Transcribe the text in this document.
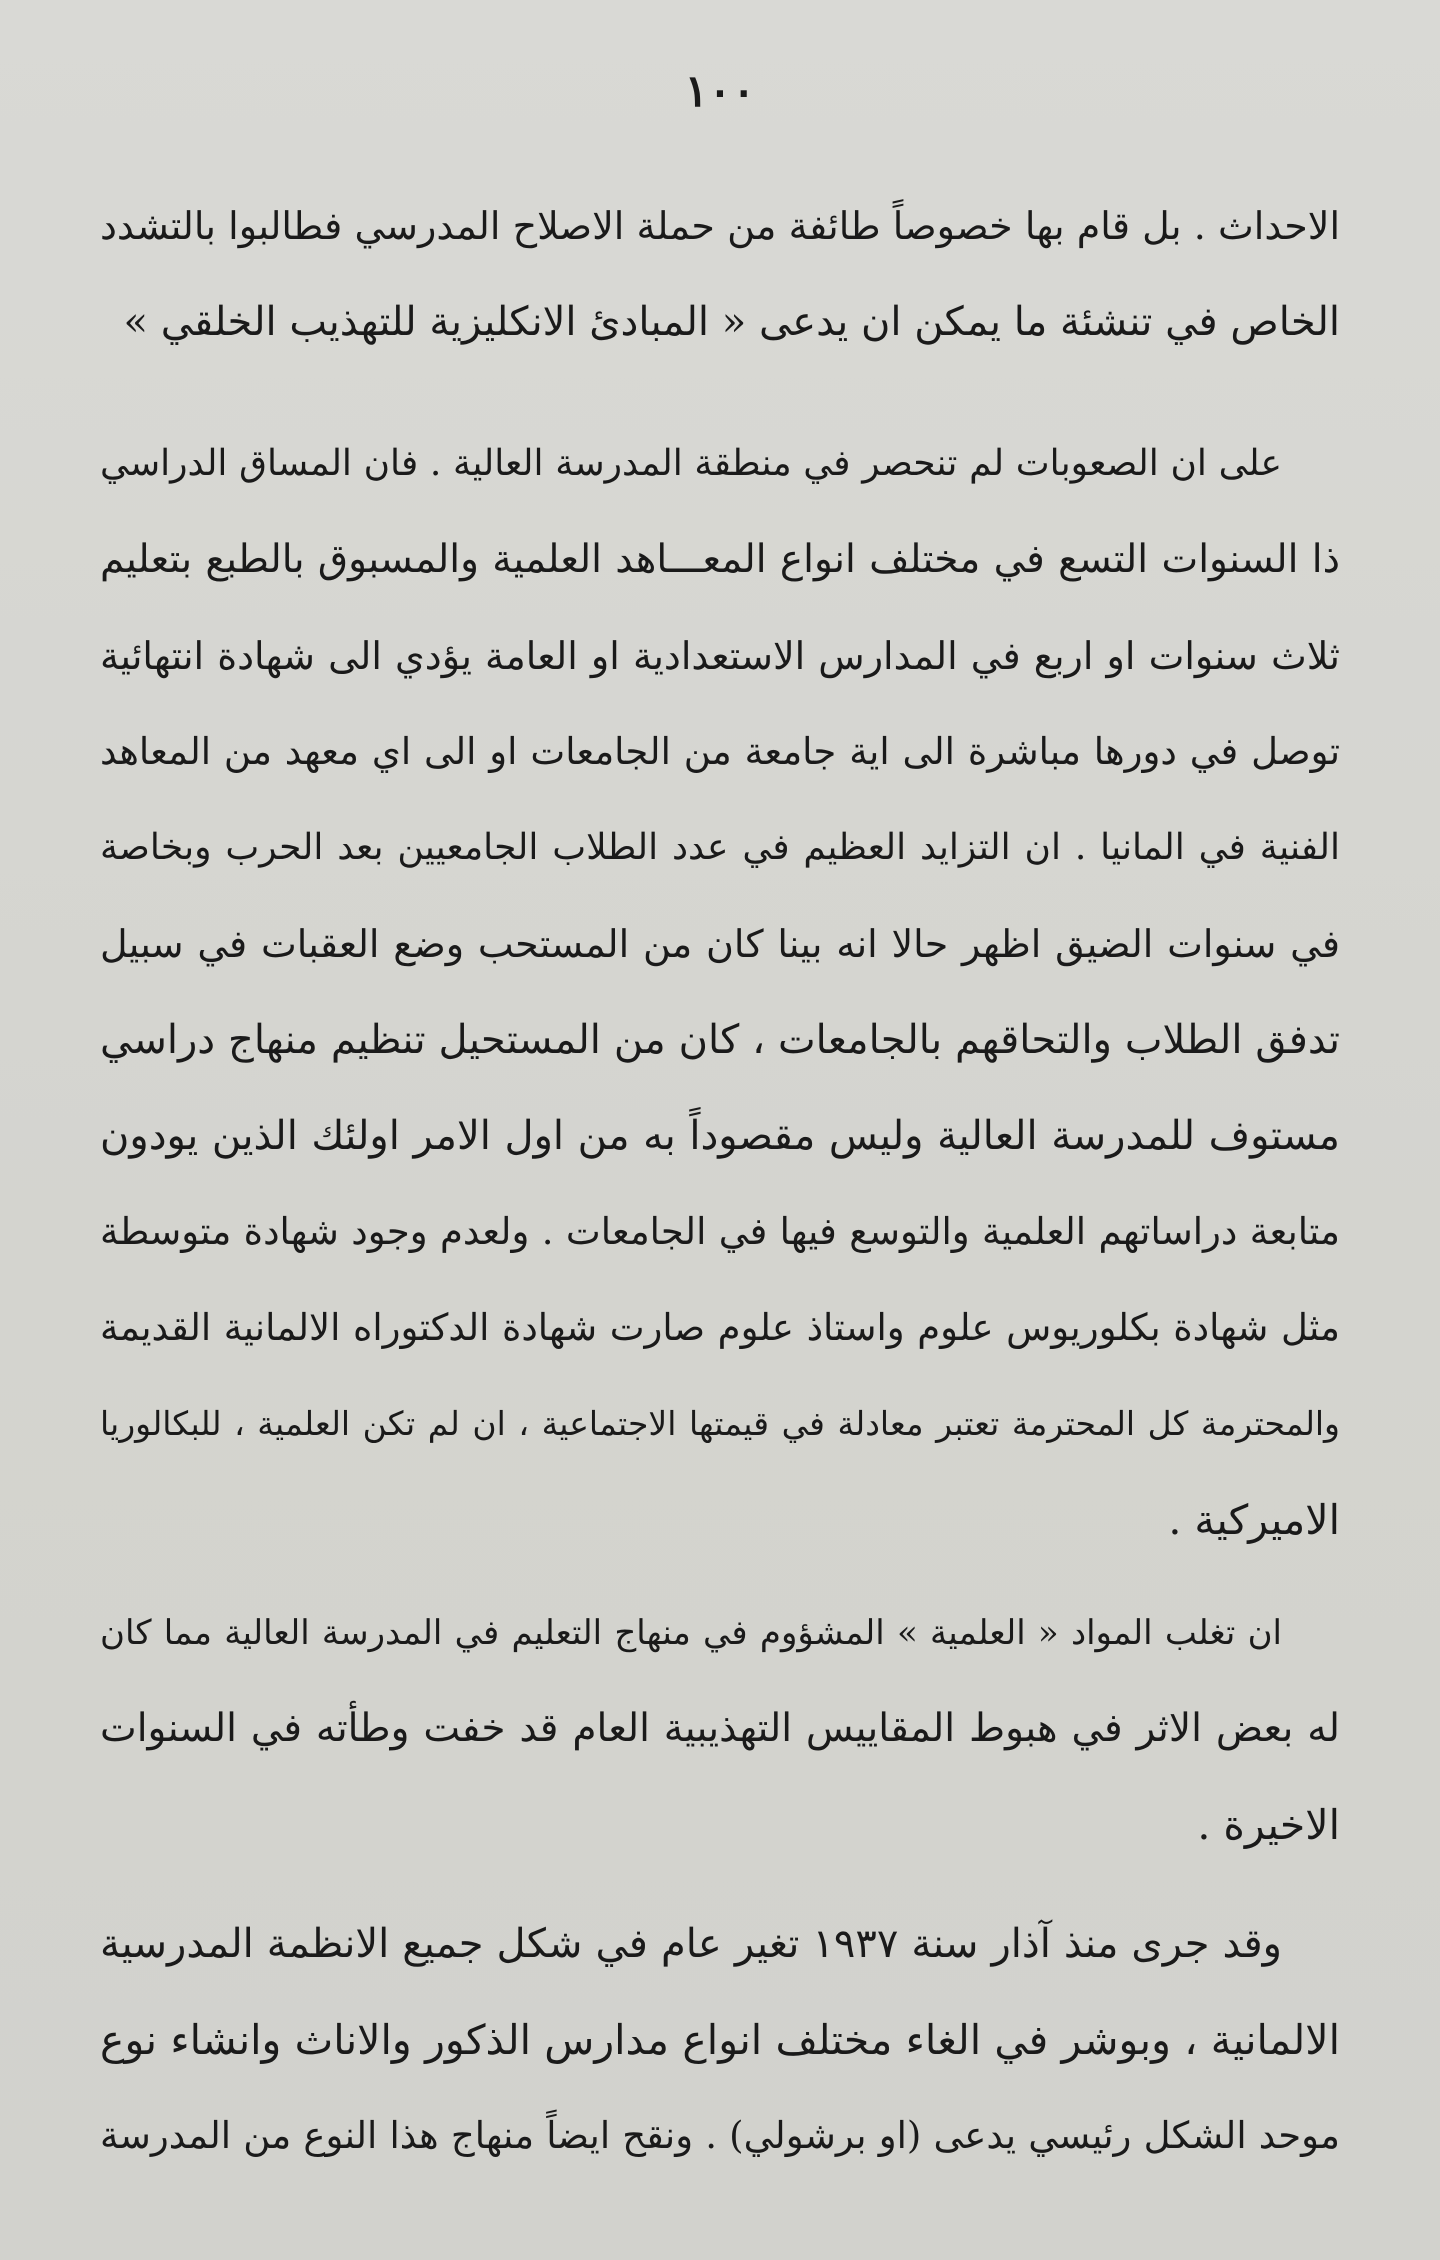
١٠٠
الاحداث . بل قام بها خصوصاً طائفة من حملة الاصلاح المدرسي فطالبوا بالتشدد
الخاص في تنشئة ما يمكن ان يدعى « المبادئ الانكليزية للتهذيب الخلقي »
على ان الصعوبات لم تنحصر في منطقة المدرسة العالية . فان المساق الدراسي
ذا السنوات التسع في مختلف انواع المعـــاهد العلمية والمسبوق بالطبع بتعليم
ثلاث سنوات او اربع في المدارس الاستعدادية او العامة يؤدي الى شهادة انتهائية
توصل في دورها مباشرة الى اية جامعة من الجامعات او الى اي معهد من المعاهد
الفنية في المانيا . ان التزايد العظيم في عدد الطلاب الجامعيين بعد الحرب وبخاصة
في سنوات الضيق اظهر حالا انه بينا كان من المستحب وضع العقبات في سبيل
تدفق الطلاب والتحاقهم بالجامعات ، كان من المستحيل تنظيم منهاج دراسي
مستوف للمدرسة العالية وليس مقصوداً به من اول الامر اولئك الذين يودون
متابعة دراساتهم العلمية والتوسع فيها في الجامعات . ولعدم وجود شهادة متوسطة
مثل شهادة بكلوريوس علوم واستاذ علوم صارت شهادة الدكتوراه الالمانية القديمة
والمحترمة كل المحترمة تعتبر معادلة في قيمتها الاجتماعية ، ان لم تكن العلمية ، للبكالوريا
الاميركية .
ان تغلب المواد « العلمية » المشؤوم في منهاج التعليم في المدرسة العالية مما كان
له بعض الاثر في هبوط المقاييس التهذيبية العام قد خفت وطأته في السنوات
الاخيرة .
وقد جرى منذ آذار سنة ١٩٣٧ تغير عام في شكل جميع الانظمة المدرسية
الالمانية ، وبوشر في الغاء مختلف انواع مدارس الذكور والاناث وانشاء نوع
موحد الشكل رئيسي يدعى (او برشولي) . ونقح ايضاً منهاج هذا النوع من المدرسة
